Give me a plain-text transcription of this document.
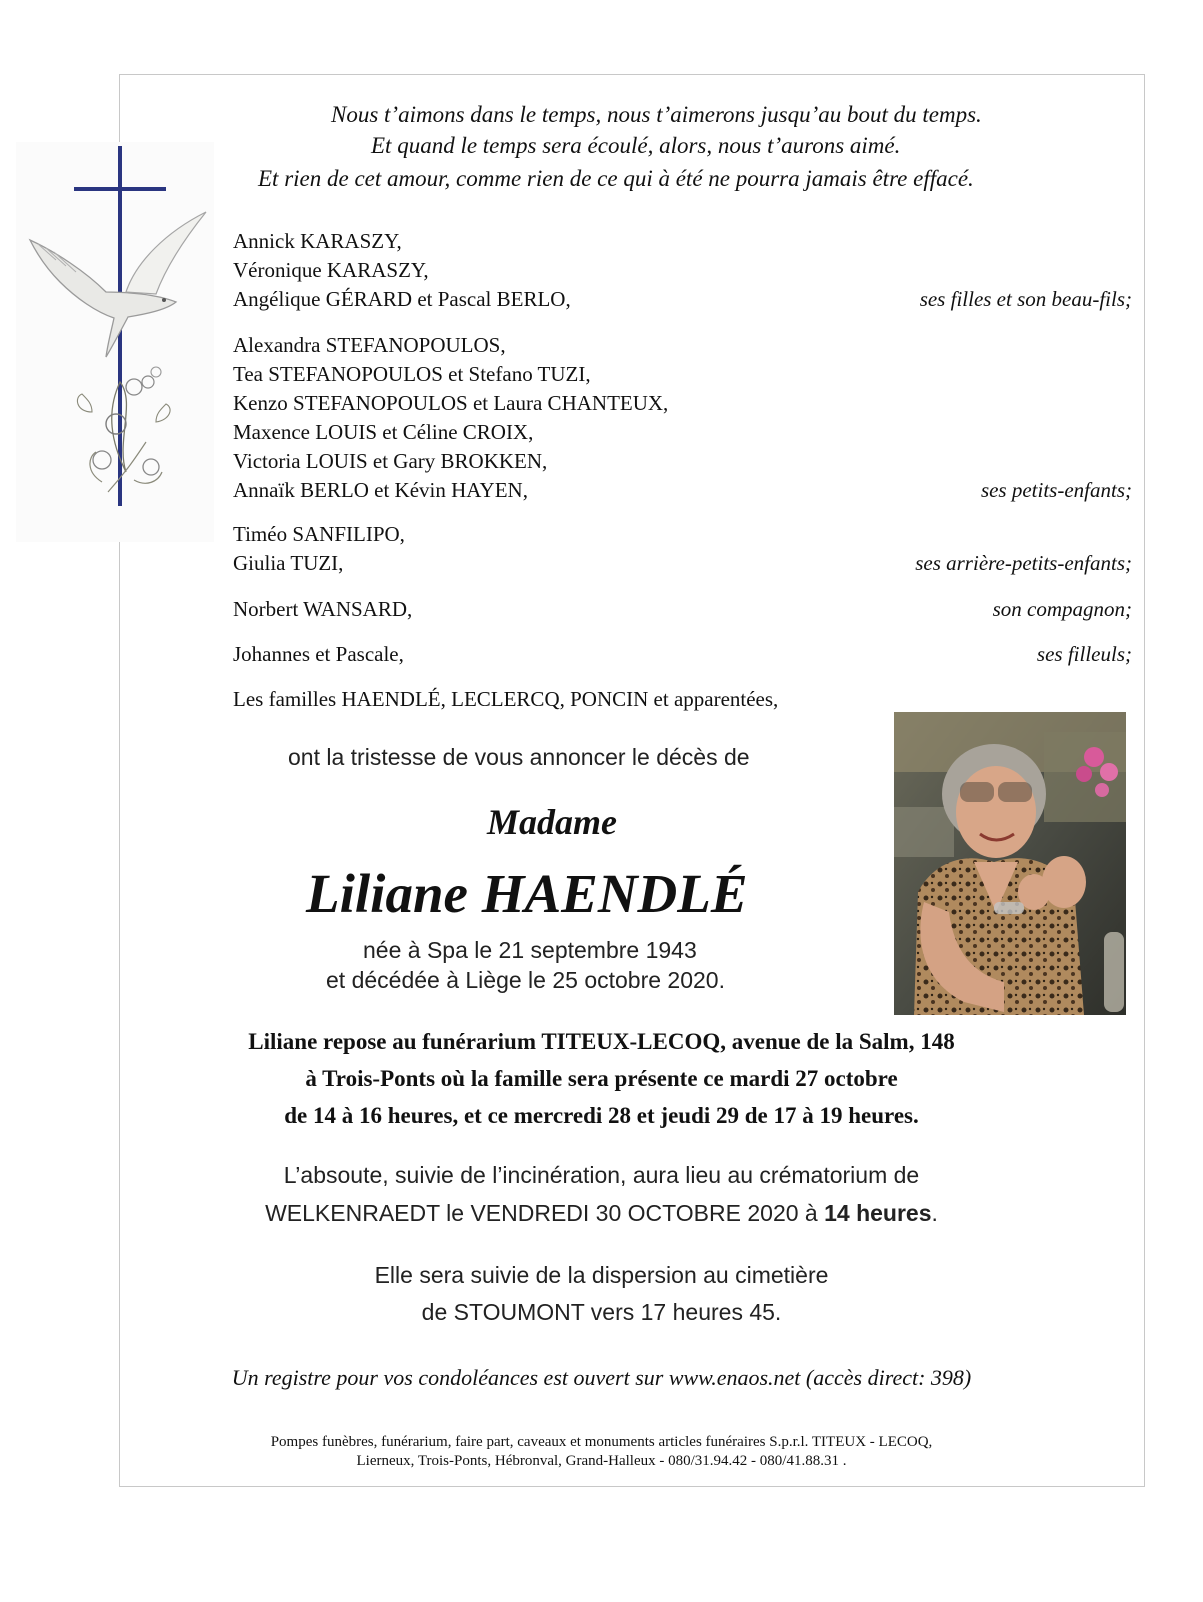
Nous t’aimons dans le temps, nous t’aimerons jusqu’au bout du temps.
Et quand le temps sera écoulé, alors, nous t’aurons aimé.
Et rien de cet amour, comme rien de ce qui à été ne pourra jamais être effacé.
Annick KARASZY,
Véronique KARASZY,
Angélique GÉRARD et Pascal BERLO,	ses filles et son beau-fils;
Alexandra STEFANOPOULOS,
Tea STEFANOPOULOS et Stefano TUZI,
Kenzo STEFANOPOULOS et Laura CHANTEUX,
Maxence LOUIS et Céline CROIX,
Victoria LOUIS et Gary BROKKEN,
Annaïk BERLO et Kévin HAYEN,	ses petits-enfants;
Timéo SANFILIPO,
Giulia TUZI,	ses arrière-petits-enfants;
Norbert WANSARD,	son compagnon;
Johannes et Pascale,	ses filleuls;
Les familles HAENDLÉ, LECLERCQ, PONCIN et apparentées,
ont la tristesse de vous annoncer le décès de
Madame
Liliane HAENDLÉ
née à Spa le 21 septembre 1943
et décédée à Liège le 25 octobre 2020.
Liliane repose au funérarium TITEUX-LECOQ, avenue de la Salm, 148
à Trois-Ponts où la famille sera présente ce mardi 27 octobre
de 14 à 16 heures, et ce mercredi 28 et jeudi 29 de 17 à 19 heures.
L’absoute, suivie de l’incinération, aura lieu au crématorium de
WELKENRAEDT le VENDREDI 30 OCTOBRE 2020 à 14 heures.
Elle sera suivie de la dispersion au cimetière
de STOUMONT vers 17 heures 45.
Un registre pour vos condoléances est ouvert sur www.enaos.net (accès direct: 398)
Pompes funèbres, funérarium, faire part, caveaux et monuments articles funéraires S.p.r.l. TITEUX - LECOQ,
Lierneux, Trois-Ponts, Hébronval, Grand-Halleux - 080/31.94.42 - 080/41.88.31 .
